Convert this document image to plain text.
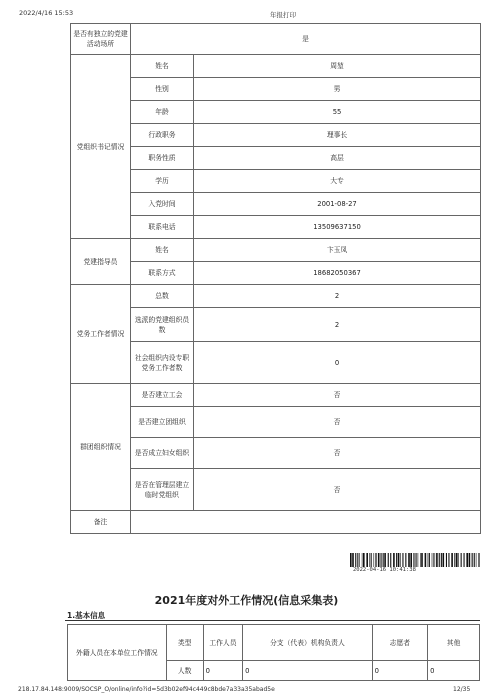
2022/4/16 15:53	年报打印
是否有独立的党建活动场所	是	
党组织书记情况	姓名	周堃
	性别	男
	年龄	55
	行政职务	理事长
	职务性质	高层
	学历	大专
	入党时间	2001-08-27
	联系电话	13509637150
党建指导员	姓名	卞玉凤
	联系方式	18682050367
党务工作者情况	总数	2
	选派的党建组织员数	2
	社会组织内设专职党务工作者数	0
群团组织情况	是否建立工会	否
	是否建立团组织	否
	是否成立妇女组织	否
	是否在管理层建立临时党组织	否
备注		
2022-04-16 10:41:38
2021年度对外工作情况(信息采集表)
1.基本信息
外籍人员在本单位工作情况	类型	工作人员	分支（代表）机构负责人	志愿者	其他
	人数	0	0	0	0
218.17.84.148:9009/SOCSP_O/online/info?id=5d3b02ef94c449c8bde7a33a35abad5e	12/35
